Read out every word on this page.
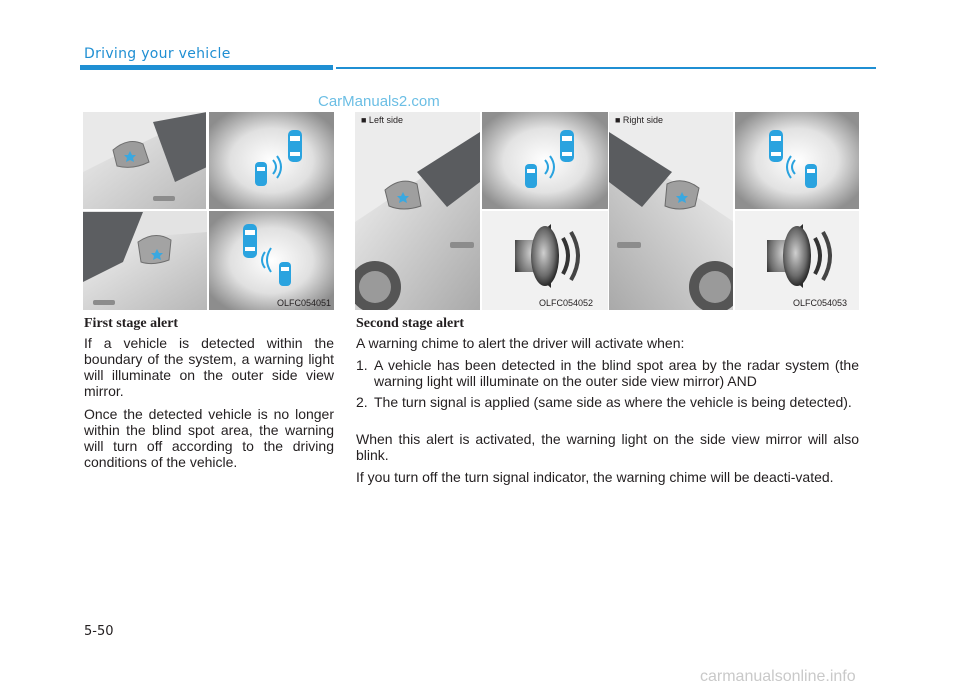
Driving your vehicle
CarManuals2.com
OLFC054051
■ Left side
OLFC054052
■ Right side
OLFC054053
First stage alert
If a vehicle is detected within the boundary of the system, a warning light will illuminate on the outer side view mirror.
Once the detected vehicle is no longer within the blind spot area, the warning will turn off according to the driving conditions of the vehicle.
Second stage alert
A warning chime to alert the driver will activate when:
1. A vehicle has been detected in the blind spot area by the radar system (the warning light will illuminate on the outer side view mirror) AND
2. The turn signal is applied (same side as where the vehicle is being detected).
When this alert is activated, the warning light on the side view mirror will also blink.
If you turn off the turn signal indicator, the warning chime will be deacti-vated.
5-50
carmanualsonline.info
